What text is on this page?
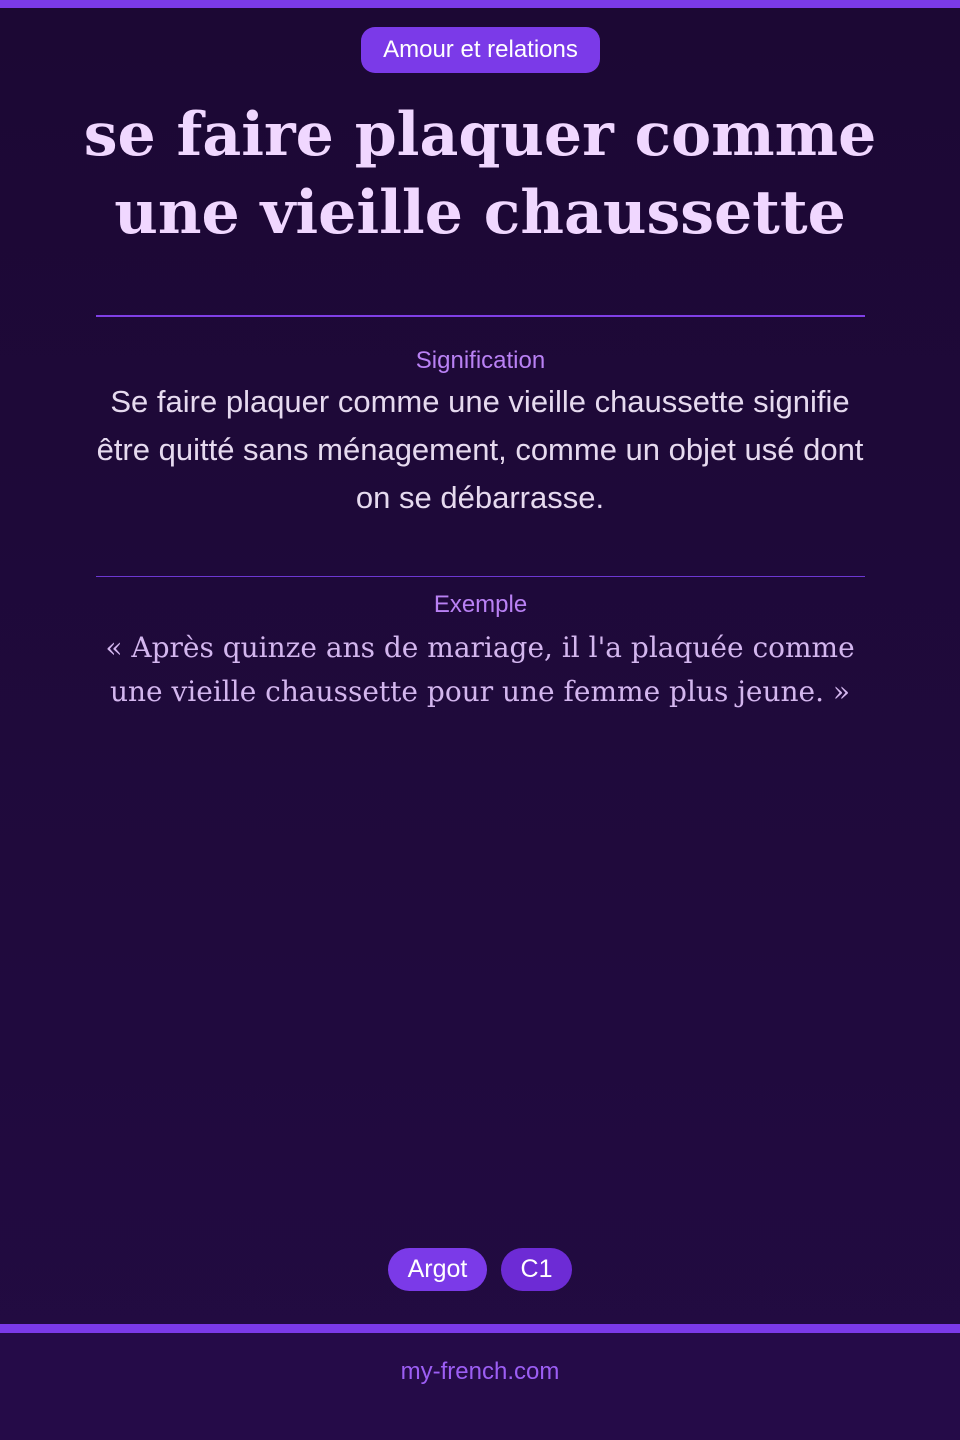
Amour et relations
se faire plaquer comme une vieille chaussette
Signification
Se faire plaquer comme une vieille chaussette signifie être quitté sans ménagement, comme un objet usé dont on se débarrasse.
Exemple
« Après quinze ans de mariage, il l'a plaquée comme une vieille chaussette pour une femme plus jeune. »
Argot	C1
my-french.com
